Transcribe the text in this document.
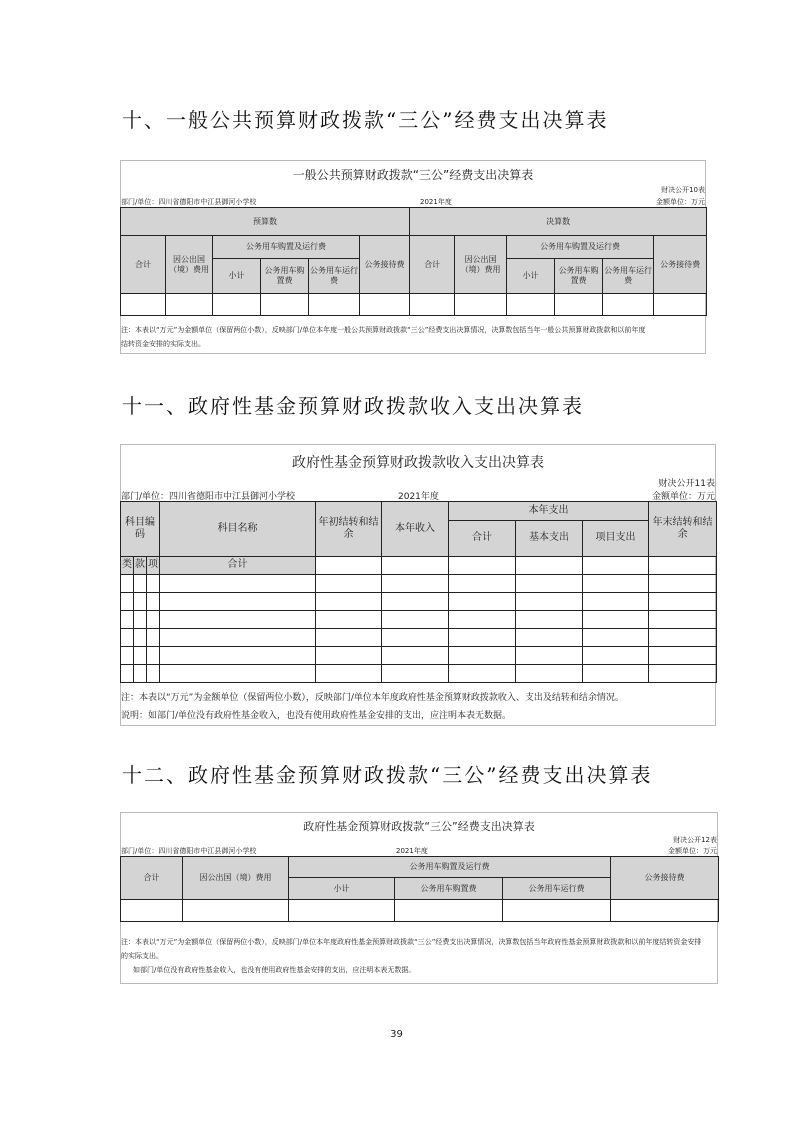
十、一般公共预算财政拨款“三公”经费支出决算表
一般公共预算财政拨款“三公”经费支出决算表
财决公开10表
部门/单位：四川省德阳市中江县御河小学校	2021年度	金额单位：万元
预算数						决算数					
合计	因公出国（境）费用	公务用车购置及运行费			公务接待费	合计	因公出国（境）费用	公务用车购置及运行费			公务接待费
		小计	公务用车购置费	公务用车运行费				小计	公务用车购置费	公务用车运行费	

注：本表以“万元”为金额单位（保留两位小数），反映部门/单位本年度一般公共预算财政拨款“三公”经费支出决算情况，决算数包括当年一般公共预算财政拨款和以前年度
结转资金安排的实际支出。
十一、政府性基金预算财政拨款收入支出决算表
政府性基金预算财政拨款收入支出决算表
财决公开11表
部门/单位：四川省德阳市中江县御河小学校	2021年度	金额单位：万元
科目编码			科目名称	年初结转和结余	本年收入	本年支出			年末结转和结余
						合计	基本支出	项目支出	
类	款	项	合计						

注：本表以“万元”为金额单位（保留两位小数），反映部门/单位本年度政府性基金预算财政拨款收入、支出及结转和结余情况。
说明：如部门/单位没有政府性基金收入，也没有使用政府性基金安排的支出，应注明本表无数据。
十二、政府性基金预算财政拨款“三公”经费支出决算表
政府性基金预算财政拨款“三公”经费支出决算表
财决公开12表
部门/单位：四川省德阳市中江县御河小学校	2021年度	金额单位：万元
合计	因公出国（境）费用	公务用车购置及运行费			公务接待费
		小计	公务用车购置费	公务用车运行费	

注：本表以“万元”为金额单位（保留两位小数），反映部门/单位本年度政府性基金预算财政拨款“三公”经费支出决算情况，决算数包括当年政府性基金预算财政拨款和以前年度结转资金安排
的实际支出。
如部门/单位没有政府性基金收入，也没有使用政府性基金安排的支出，应注明本表无数据。
39
